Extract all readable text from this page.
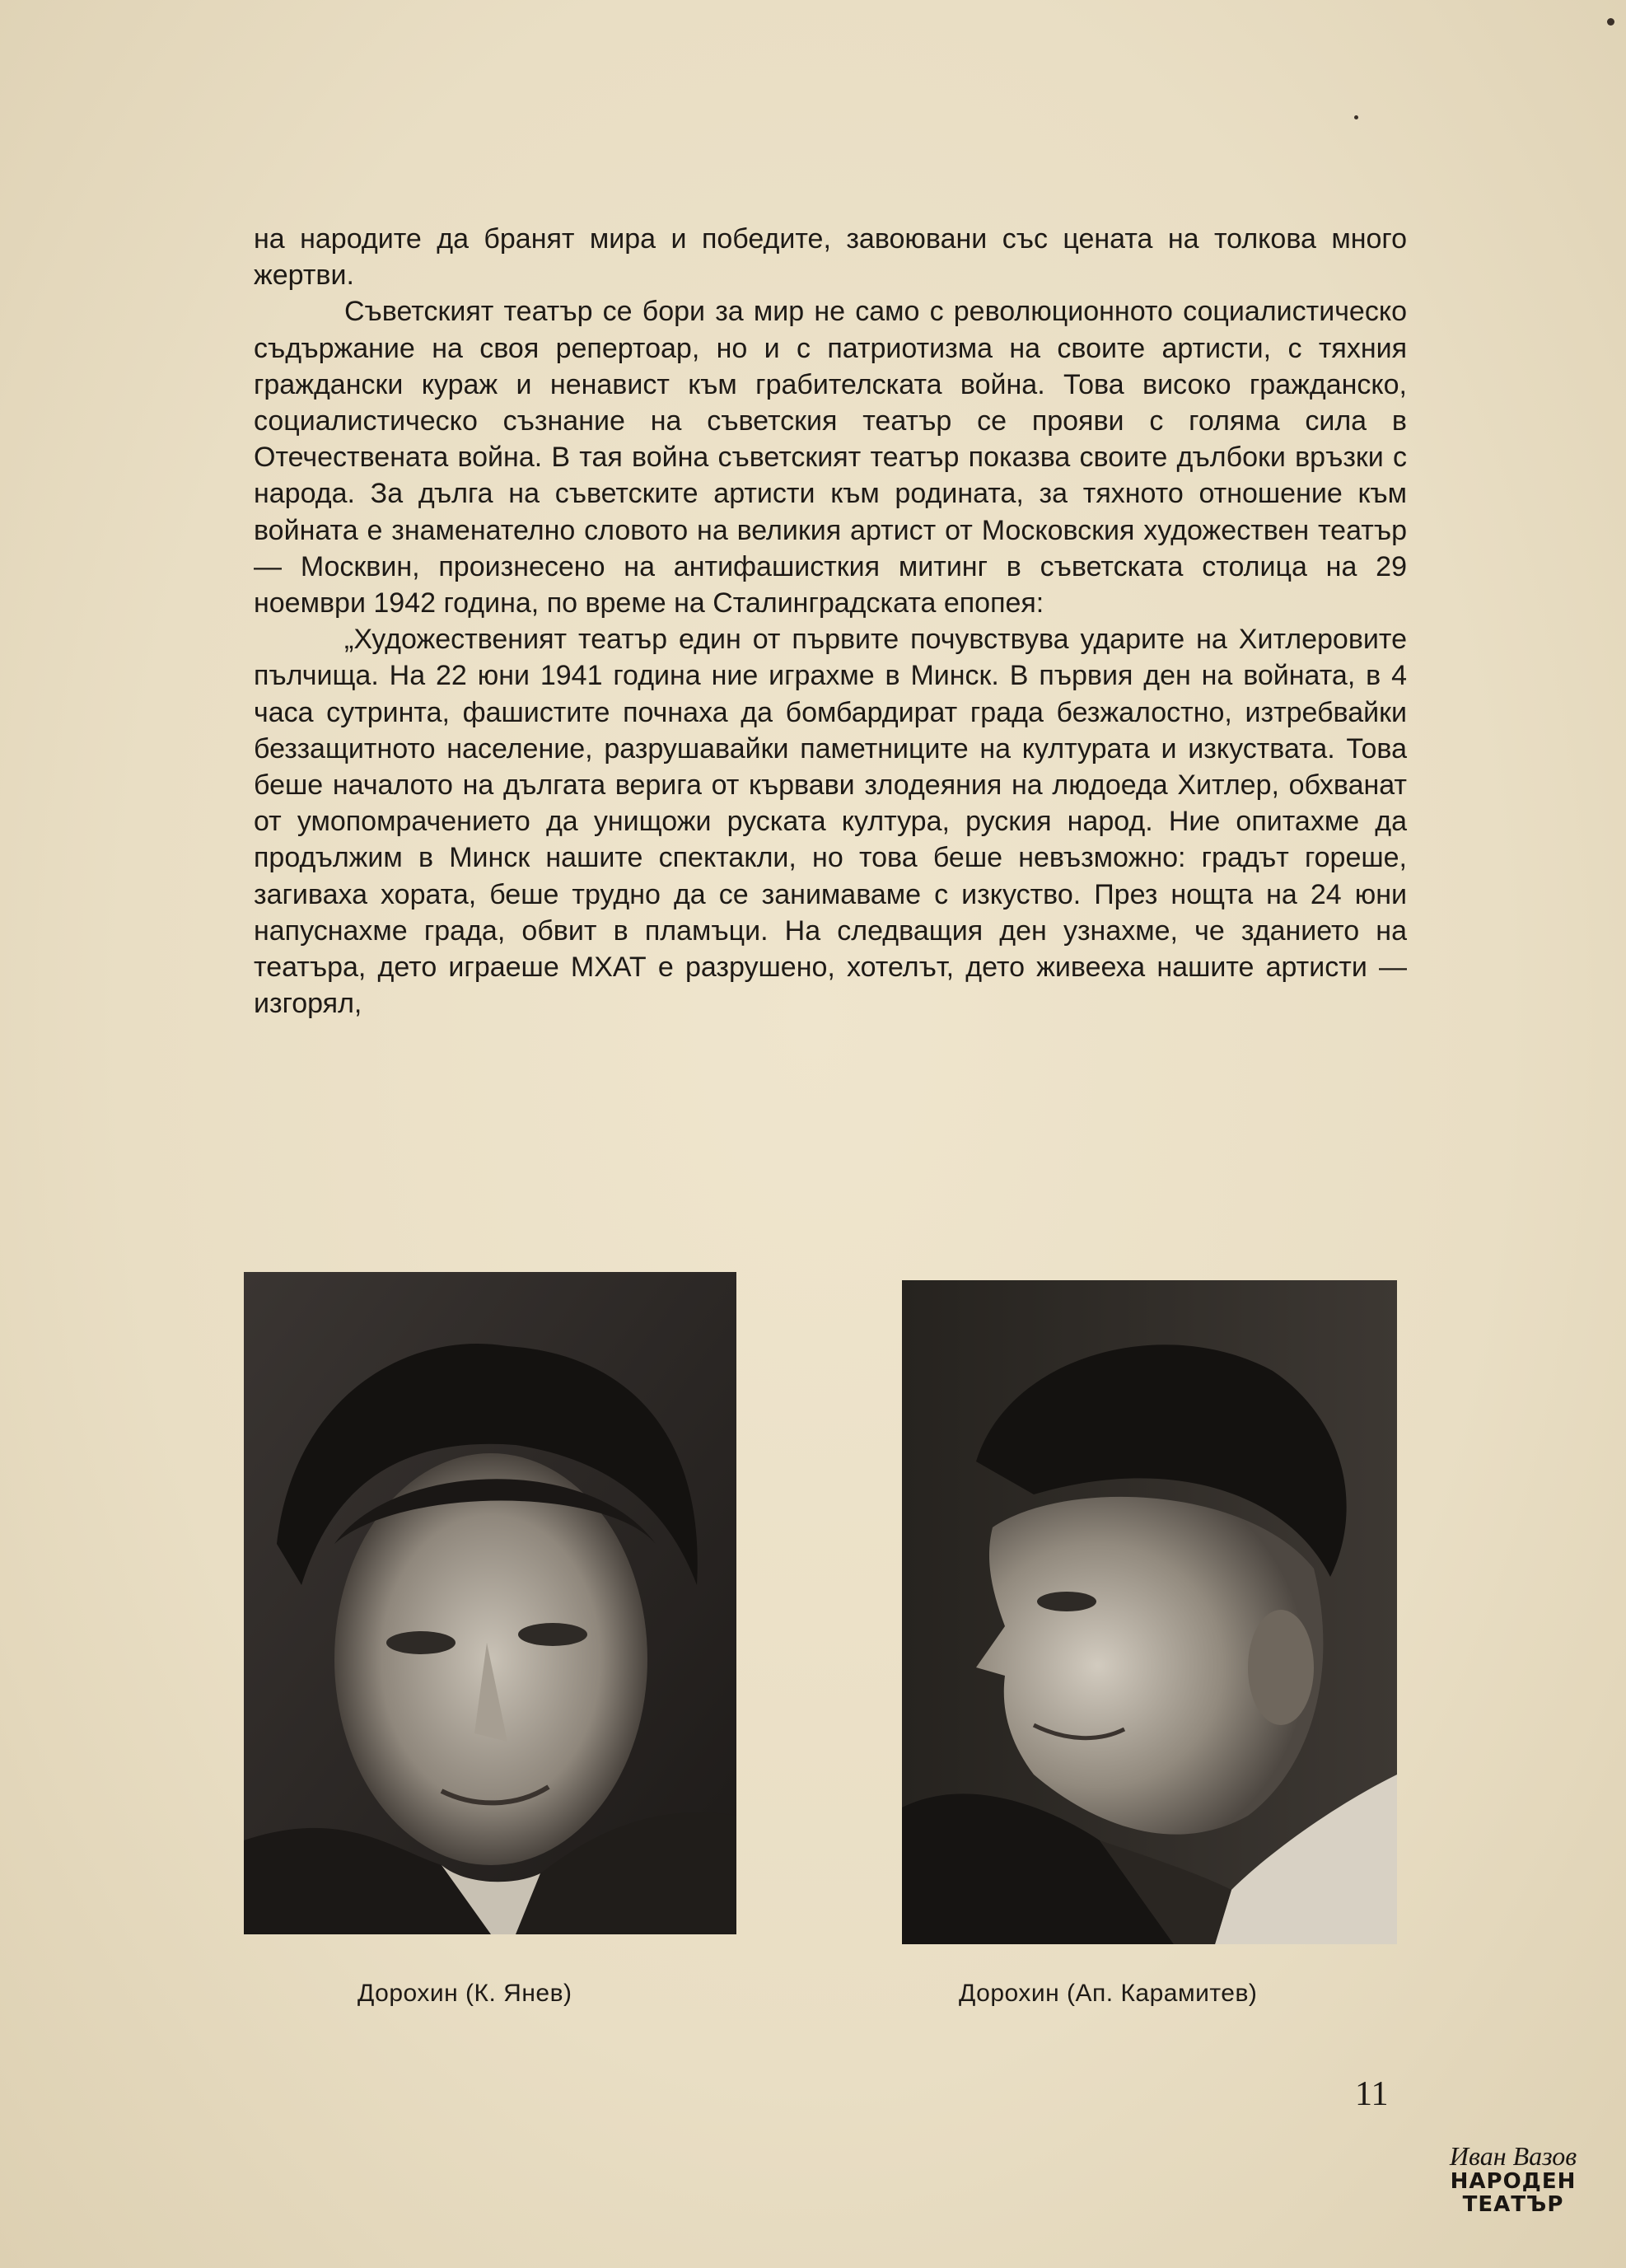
на народите да бранят мира и победите, завоювани със цената на толкова много жертви.

Съветският театър се бори за мир не само с революционното социалистическо съдържание на своя репертоар, но и с патриотизма на своите артисти, с тяхния граждански кураж и ненавист към грабителската война. Това високо гражданско, социалистическо съзнание на съветския театър се прояви с голяма сила в Отечествената война. В тая война съветският театър показва своите дълбоки връзки с народа. За дълга на съветските артисти към родината, за тяхното отношение към войната е знаменателно словото на великия артист от Московския художествен театър — Москвин, произнесено на антифашисткия митинг в съветската столица на 29 ноември 1942 година, по време на Сталинградската епопея:

„Художественият театър един от първите почувствува ударите на Хитлеровите пълчища. На 22 юни 1941 година ние играхме в Минск. В първия ден на войната, в 4 часа сутринта, фашистите почнаха да бомбардират града безжалостно, изтребвайки беззащитното население, разрушавайки паметниците на културата и изкуствата. Това беше началото на дългата верига от кървави злодеяния на людоеда Хитлер, обхванат от умопомрачението да унищожи руската култура, руския народ. Ние опитахме да продължим в Минск нашите спектакли, но това беше невъзможно: градът гореше, загиваха хората, беше трудно да се занимаваме с изкуство. През нощта на 24 юни напуснахме града, обвит в пламъци. На следващия ден узнахме, че зданието на театъра, дето играеше МХАТ е разрушено, хотелът, дето живееха нашите артисти — изгорял,

Дорохин (К. Янев)	Дорохин (Ап. Карамитев)
11
Иван Вазов
НАРОДЕН
ТЕАТЪР
